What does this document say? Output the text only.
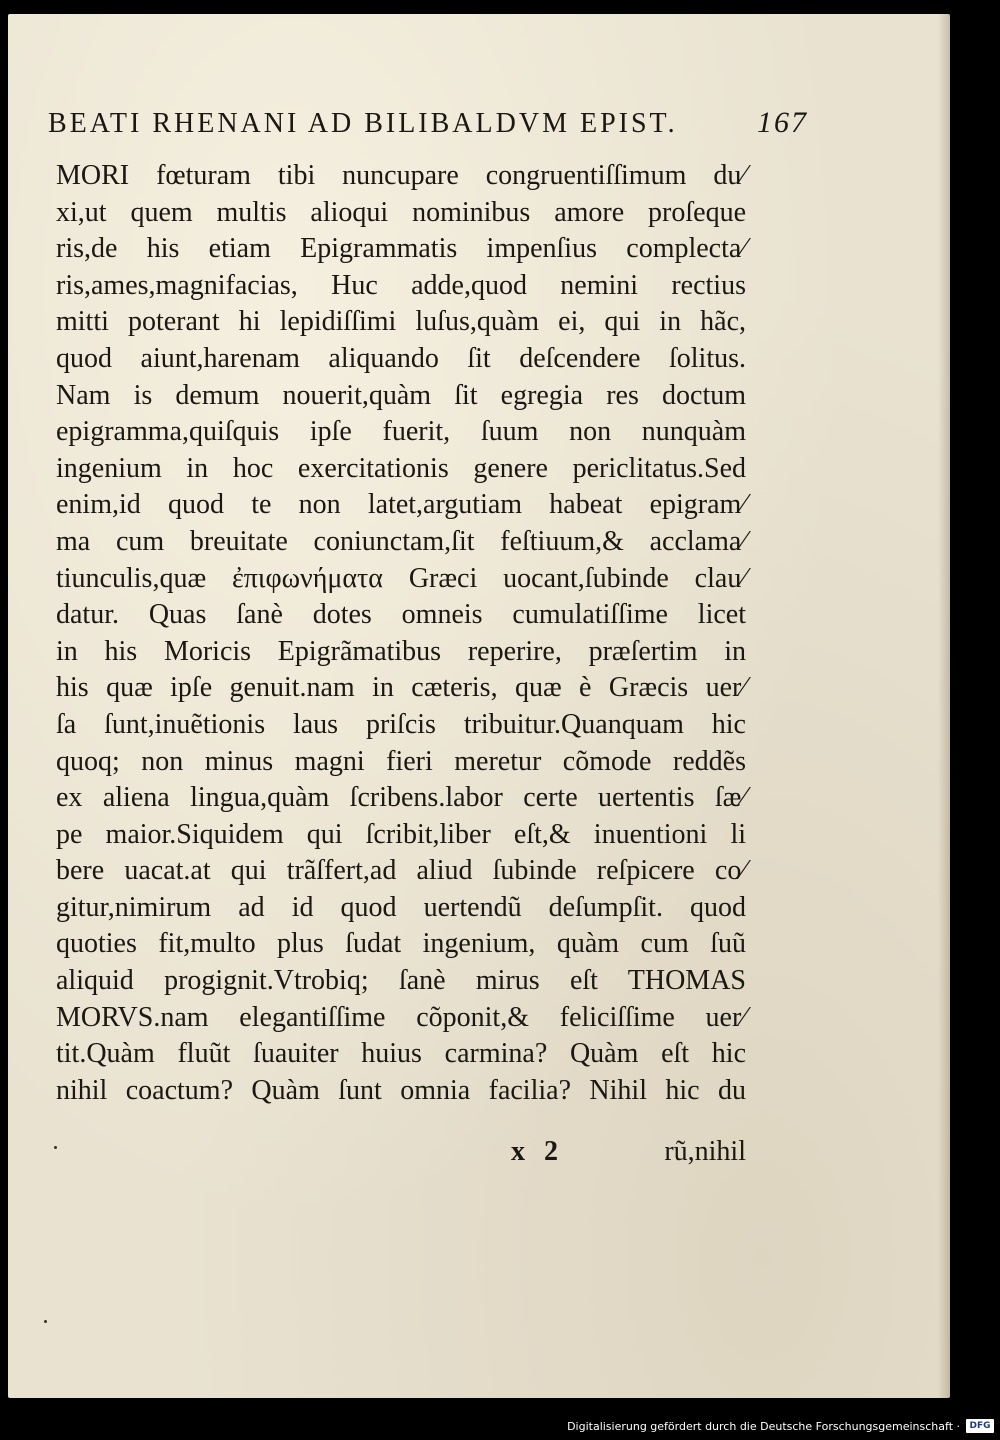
BEATI RHENANI AD BILIBALDVM EPIST.	167
MORI fœturam tibi nuncupare congruentiſſimum du⁄
xi,ut quem multis alioqui nominibus amore proſeque
ris,de his etiam Epigrammatis impenſius complecta⁄
ris,ames,magnifacias, Huc adde,quod nemini rectius
mitti poterant hi lepidiſſimi luſus,quàm ei, qui in hãc,
quod aiunt,harenam aliquando ſit deſcendere ſolitus.
Nam is demum nouerit,quàm ſit egregia res doctum
epigramma,quiſquis ipſe fuerit, ſuum non nunquàm
ingenium in hoc exercitationis genere periclitatus.Sed
enim,id quod te non latet,argutiam habeat epigram⁄
ma cum breuitate coniunctam,ſit feſtiuum,& acclama⁄
tiunculis,quæ ἐπιφωνήματα Græci uocant,ſubinde clau⁄
datur. Quas ſanè dotes omneis cumulatiſſime licet
in his Moricis Epigrãmatibus reperire, præſertim in
his quæ ipſe genuit.nam in cæteris, quæ è Græcis uer⁄
ſa ſunt,inuẽtionis laus priſcis tribuitur.Quanquam hic
quoq; non minus magni fieri meretur cõmode reddẽs
ex aliena lingua,quàm ſcribens.labor certe uertentis ſæ⁄
pe maior.Siquidem qui ſcribit,liber eſt,& inuentioni li
bere uacat.at qui trãſfert,ad aliud ſubinde reſpicere co⁄
gitur,nimirum ad id quod uertendũ deſumpſit. quod
quoties fit,multo plus ſudat ingenium, quàm cum ſuũ
aliquid progignit.Vtrobiq; ſanè mirus eſt THOMAS
MORVS.nam elegantiſſime cõponit,& feliciſſime uer⁄
tit.Quàm fluũt ſuauiter huius carmina? Quàm eſt hic
nihil coactum? Quàm ſunt omnia facilia? Nihil hic du
x 2	rũ,nihil
Digitalisierung gefördert durch die Deutsche Forschungsgemeinschaft ·	DFG
